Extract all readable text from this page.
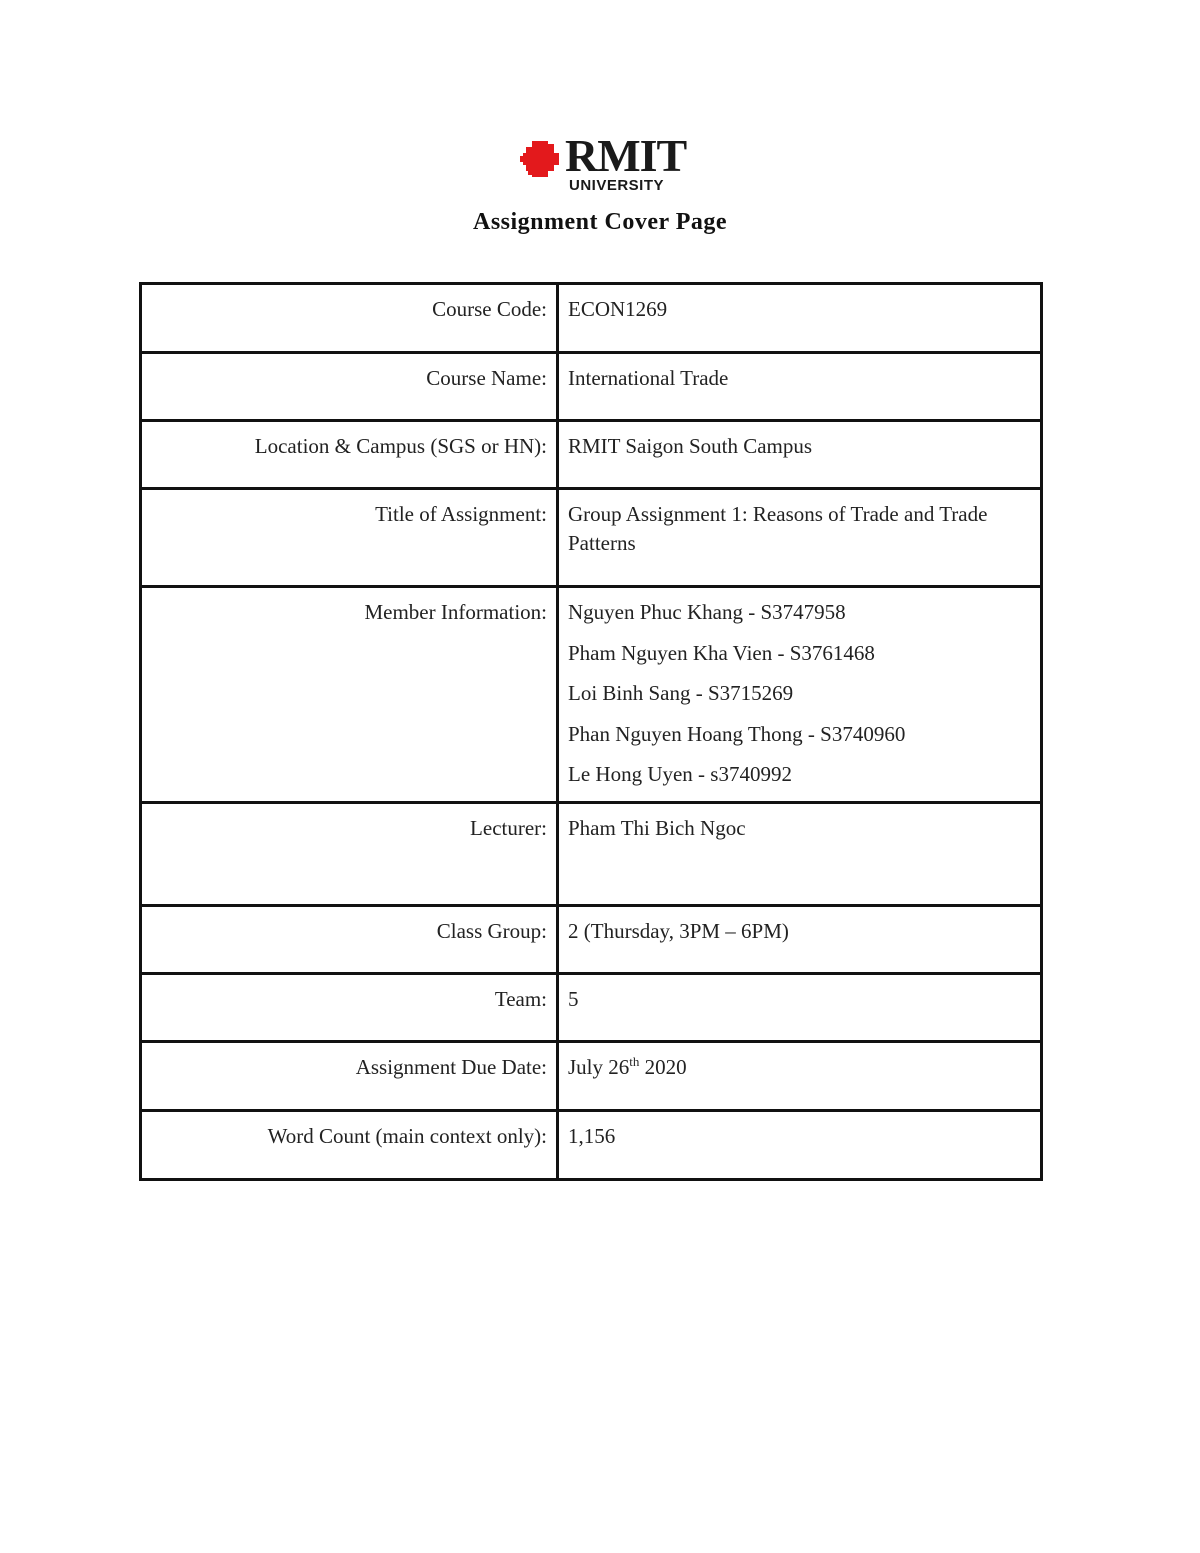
RMIT
UNIVERSITY
Assignment Cover Page
Course Code:	ECON1269
Course Name:	International Trade
Location & Campus (SGS or HN):	RMIT Saigon South Campus
Title of Assignment:	Group Assignment 1: Reasons of Trade and Trade Patterns
Member Information:	Nguyen Phuc Khang - S3747958
Pham Nguyen Kha Vien - S3761468
Loi Binh Sang - S3715269
Phan Nguyen Hoang Thong - S3740960
Le Hong Uyen - s3740992

Lecturer:	Pham Thi Bich Ngoc
Class Group:	2 (Thursday, 3PM – 6PM)
Team:	5
Assignment Due Date:	July 26th 2020
Word Count (main context only):	1,156
